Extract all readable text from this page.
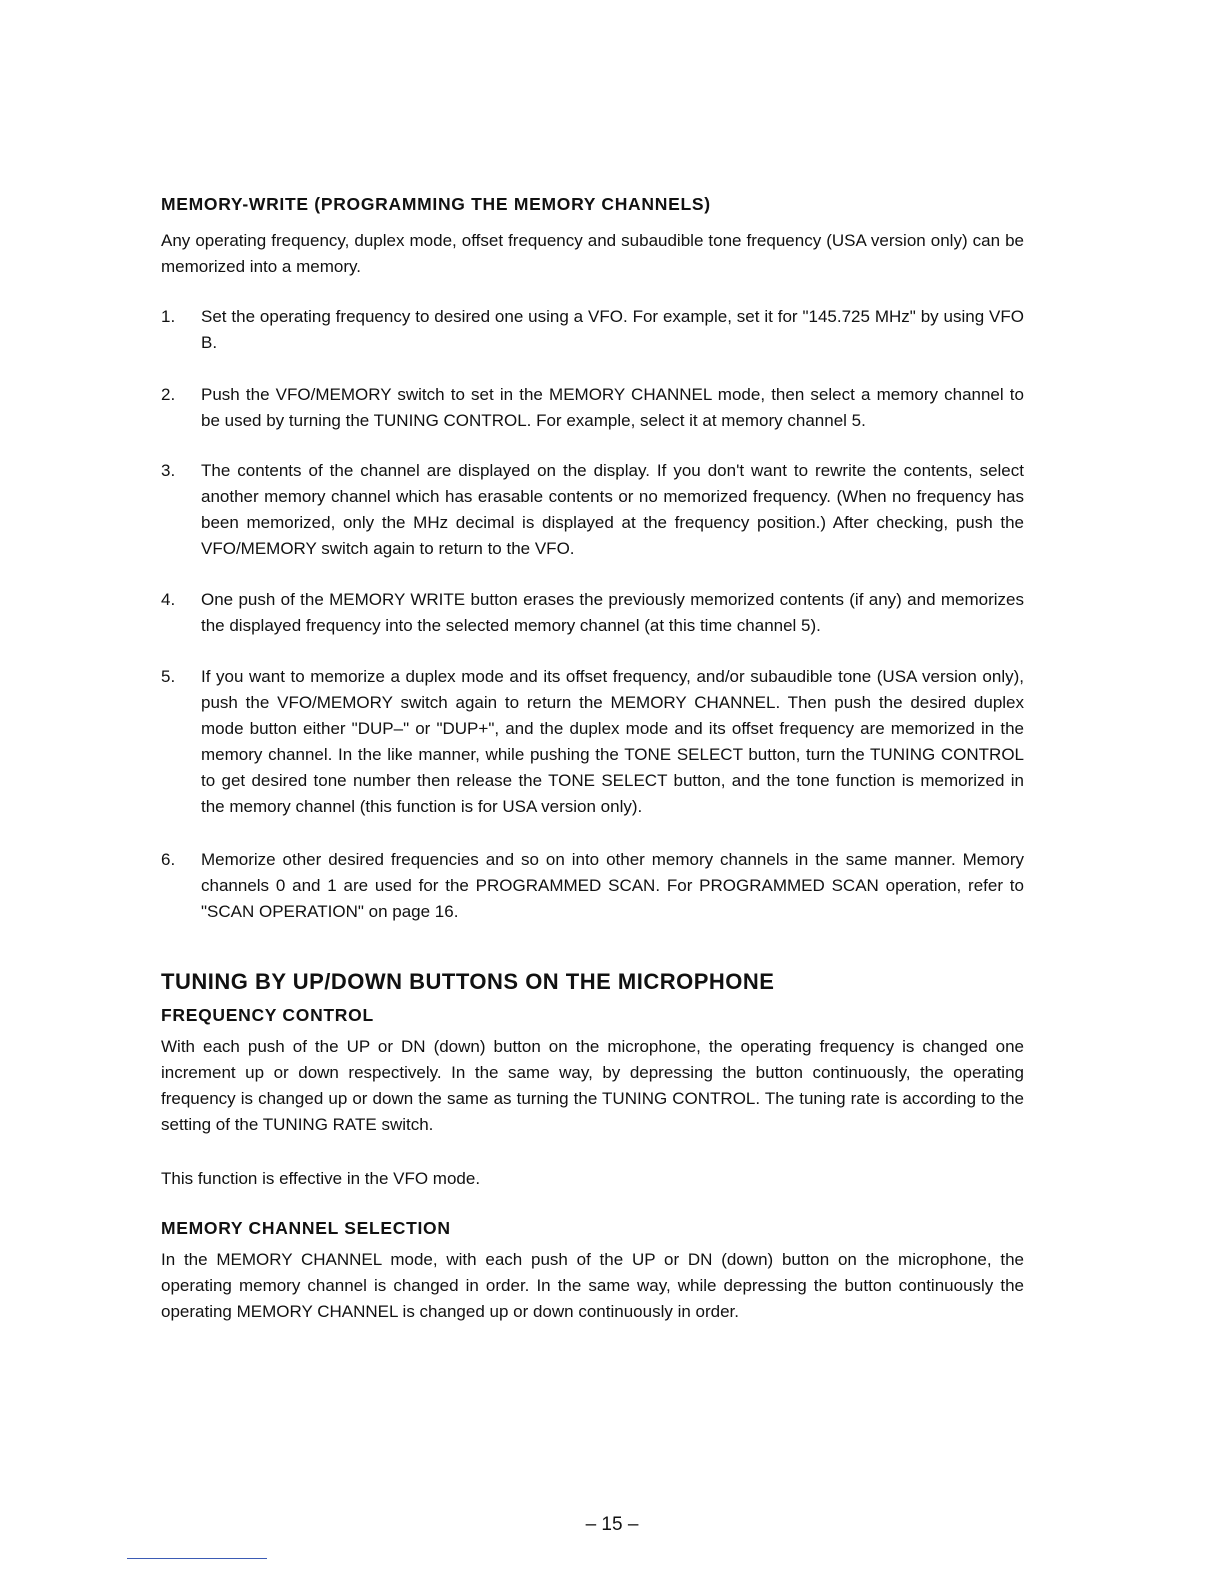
MEMORY-WRITE (PROGRAMMING THE MEMORY CHANNELS)

Any operating frequency, duplex mode, offset frequency and subaudible tone frequency (USA version only) can be memorized into a memory.

1.	Set the operating frequency to desired one using a VFO. For example, set it for "145.725 MHz" by using VFO B.
2.	Push the VFO/MEMORY switch to set in the MEMORY CHANNEL mode, then select a memory channel to be used by turning the TUNING CONTROL. For example, select it at memory channel 5.
3.	The contents of the channel are displayed on the display. If you don't want to rewrite the contents, select another memory channel which has erasable contents or no memorized frequency. (When no frequency has been memorized, only the MHz decimal is displayed at the frequency position.) After checking, push the VFO/MEMORY switch again to return to the VFO.
4.	One push of the MEMORY WRITE button erases the previously memorized contents (if any) and memorizes the displayed frequency into the selected memory channel (at this time channel 5).
5.	If you want to memorize a duplex mode and its offset frequency, and/or subaudible tone (USA version only), push the VFO/MEMORY switch again to return the MEMORY CHANNEL. Then push the desired duplex mode button either "DUP–" or "DUP+", and the duplex mode and its offset frequency are memorized in the memory channel. In the like manner, while pushing the TONE SELECT button, turn the TUNING CONTROL to get desired tone number then release the TONE SELECT button, and the tone function is memorized in the memory channel (this function is for USA version only).
6.	Memorize other desired frequencies and so on into other memory channels in the same manner. Memory channels 0 and 1 are used for the PROGRAMMED SCAN. For PROGRAMMED SCAN operation, refer to "SCAN OPERATION" on page 16.
TUNING BY UP/DOWN BUTTONS ON THE MICROPHONE
FREQUENCY CONTROL

With each push of the UP or DN (down) button on the microphone, the operating frequency is changed one increment up or down respectively. In the same way, by depressing the button continuously, the operating frequency is changed up or down the same as turning the TUNING CONTROL. The tuning rate is according to the setting of the TUNING RATE switch.

This function is effective in the VFO mode.

MEMORY CHANNEL SELECTION

In the MEMORY CHANNEL mode, with each push of the UP or DN (down) button on the microphone, the operating memory channel is changed in order. In the same way, while depressing the button continuously the operating MEMORY CHANNEL is changed up or down continuously in order.

– 15 –
